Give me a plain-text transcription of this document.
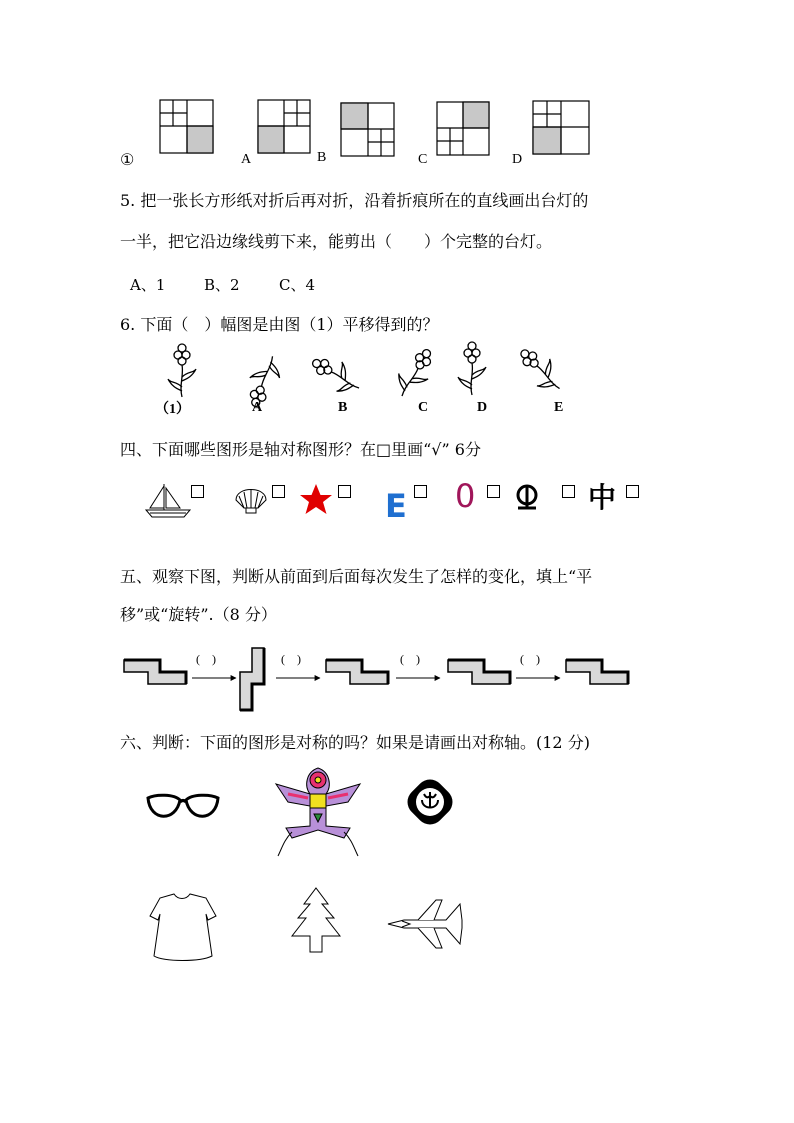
①	A	B	C	D
5. 把一张长方形纸对折后再对折，沿着折痕所在的直线画出台灯的
一半，把它沿边缘线剪下来，能剪出（　　）个完整的台灯。
A、1	B、2	C、4
6. 下面（　）幅图是由图（1）平移得到的？
（1）	A	B	C	D	E
四、下面哪些图形是轴对称图形？在□里画“√” 6分
E 0	中
五、观察下图，判断从前面到后面每次发生了怎样的变化，填上“平
移”或“旋转”.（8 分）
(　)	(　)	(　)	(　)
六、判断：下面的图形是对称的吗？如果是请画出对称轴。(12 分)
